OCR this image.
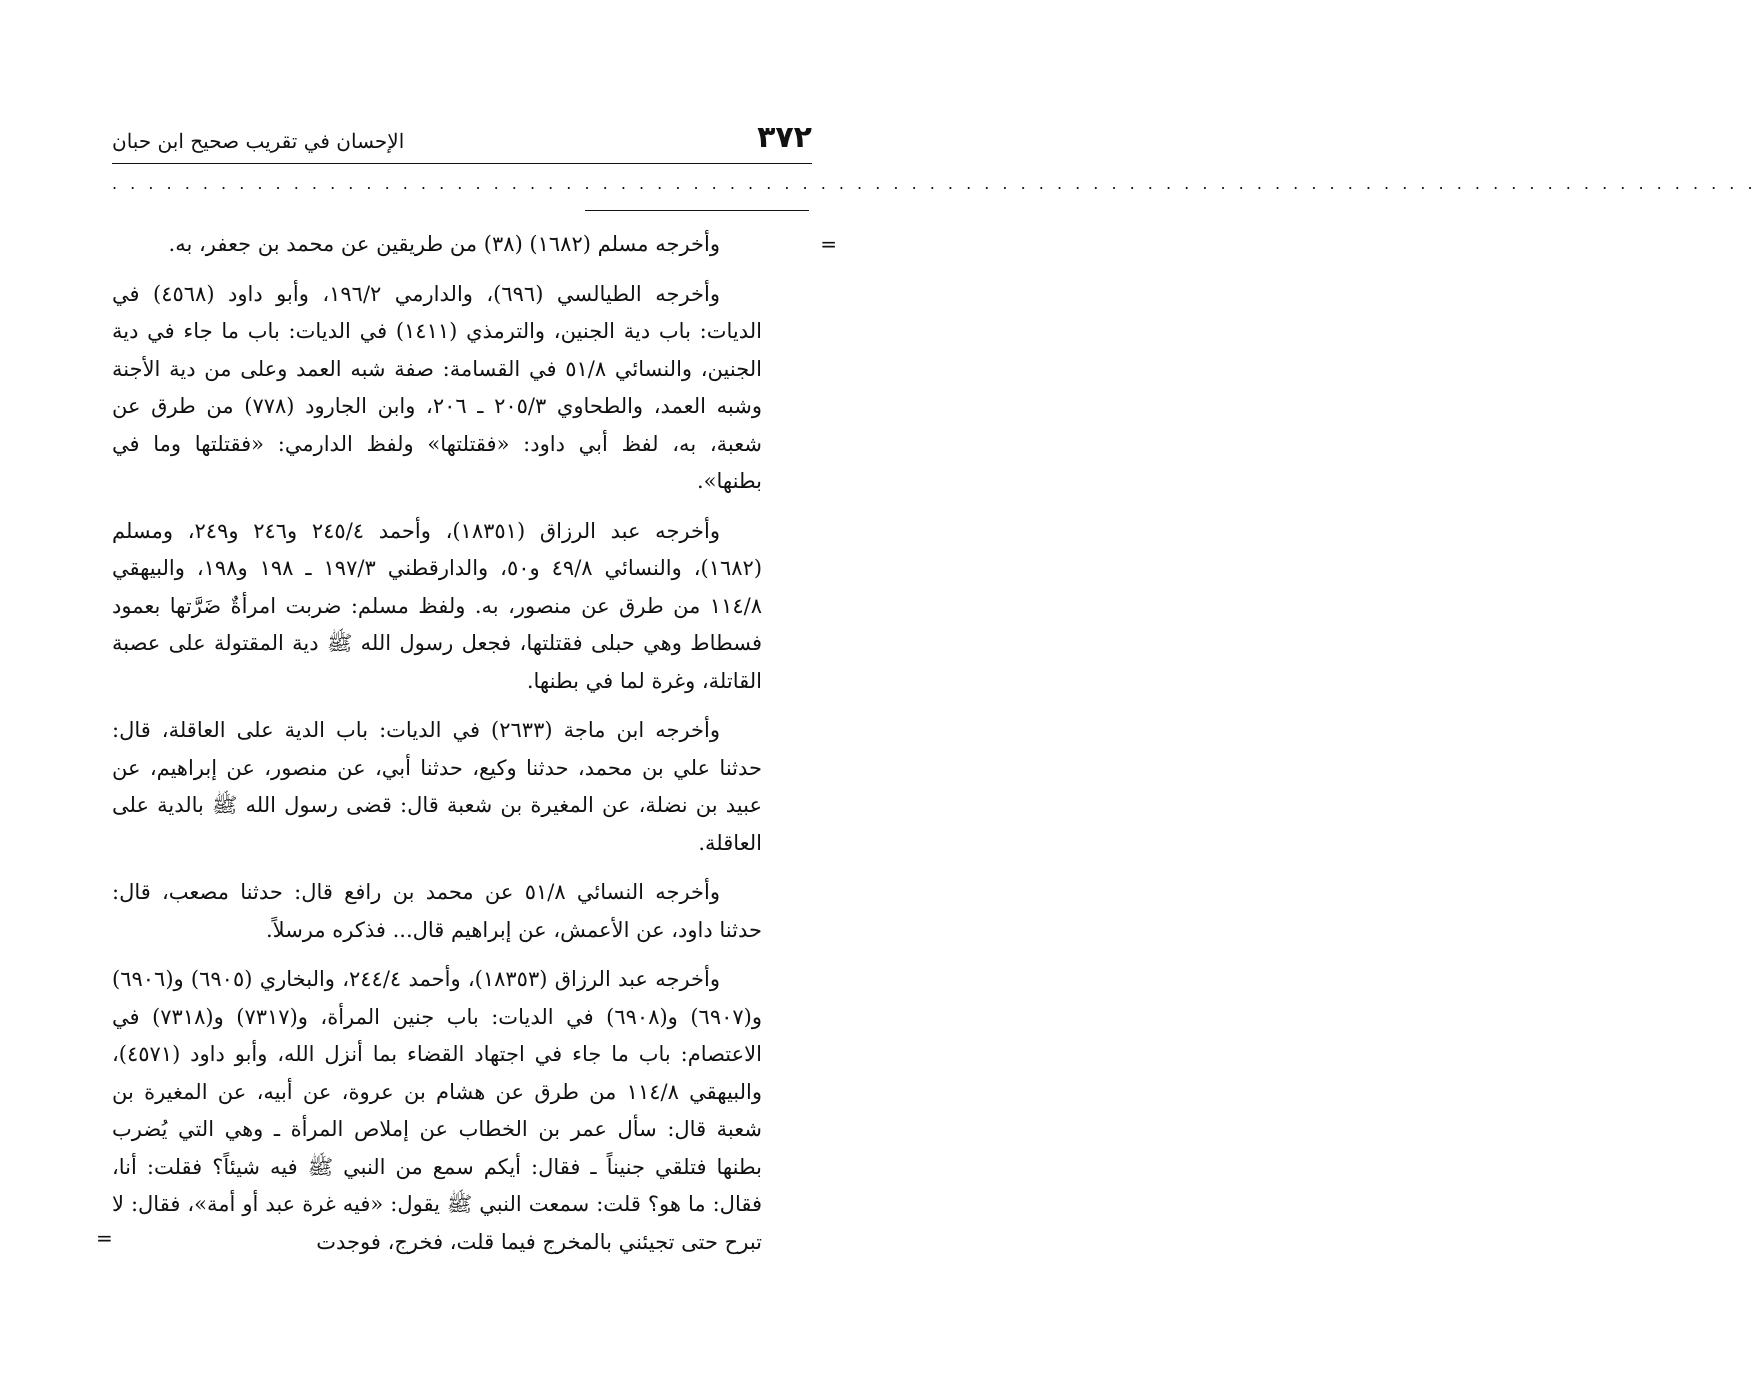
٣٧٢
الإحسان في تقريب صحيح ابن حبان
. . . . . . . . . . . . . . . . . . . . . . . . . . . . . . . . . . . . . . . . . . . . . . . . . . . . . . . . . . . . . . . . . . . . . . . . . . . . . . . . . . . . . . . . . . .
=
=

وأخرجه مسلم (١٦٨٢) (٣٨) من طريقين عن محمد بن جعفر، به.

وأخرجه الطيالسي (٦٩٦)، والدارمي ١٩٦/٢، وأبو داود (٤٥٦٨) في الديات: باب دية الجنين، والترمذي (١٤١١) في الديات: باب ما جاء في دية الجنين، والنسائي ٥١/٨ في القسامة: صفة شبه العمد وعلى من دية الأجنة وشبه العمد، والطحاوي ٢٠٥/٣ ـ ٢٠٦، وابن الجارود (٧٧٨) من طرق عن شعبة، به، لفظ أبي داود: «فقتلتها» ولفظ الدارمي: «فقتلتها وما في بطنها».

وأخرجه عبد الرزاق (١٨٣٥١)، وأحمد ٢٤٥/٤ و٢٤٦ و٢٤٩، ومسلم (١٦٨٢)، والنسائي ٤٩/٨ و٥٠، والدارقطني ١٩٧/٣ ـ ١٩٨ و١٩٨، والبيهقي ١١٤/٨ من طرق عن منصور، به. ولفظ مسلم: ضربت امرأةٌ ضَرَّتها بعمود فسطاط وهي حبلى فقتلتها، فجعل رسول الله ﷺ دية المقتولة على عصبة القاتلة، وغرة لما في بطنها.

وأخرجه ابن ماجة (٢٦٣٣) في الديات: باب الدية على العاقلة، قال: حدثنا علي بن محمد، حدثنا وكيع، حدثنا أبي، عن منصور، عن إبراهيم، عن عبيد بن نضلة، عن المغيرة بن شعبة قال: قضى رسول الله ﷺ بالدية على العاقلة.

وأخرجه النسائي ٥١/٨ عن محمد بن رافع قال: حدثنا مصعب، قال: حدثنا داود، عن الأعمش، عن إبراهيم قال... فذكره مرسلاً.

وأخرجه عبد الرزاق (١٨٣٥٣)، وأحمد ٢٤٤/٤، والبخاري (٦٩٠٥) و(٦٩٠٦) و(٦٩٠٧) و(٦٩٠٨) في الديات: باب جنين المرأة، و(٧٣١٧) و(٧٣١٨) في الاعتصام: باب ما جاء في اجتهاد القضاء بما أنزل الله، وأبو داود (٤٥٧١)، والبيهقي ١١٤/٨ من طرق عن هشام بن عروة، عن أبيه، عن المغيرة بن شعبة قال: سأل عمر بن الخطاب عن إملاص المرأة ـ وهي التي يُضرب بطنها فتلقي جنيناً ـ فقال: أيكم سمع من النبي ﷺ فيه شيئاً؟ فقلت: أنا، فقال: ما هو؟ قلت: سمعت النبي ﷺ يقول: «فيه غرة عبد أو أمة»، فقال: لا تبرح حتى تجيئني بالمخرج فيما قلت، فخرج، فوجدت
